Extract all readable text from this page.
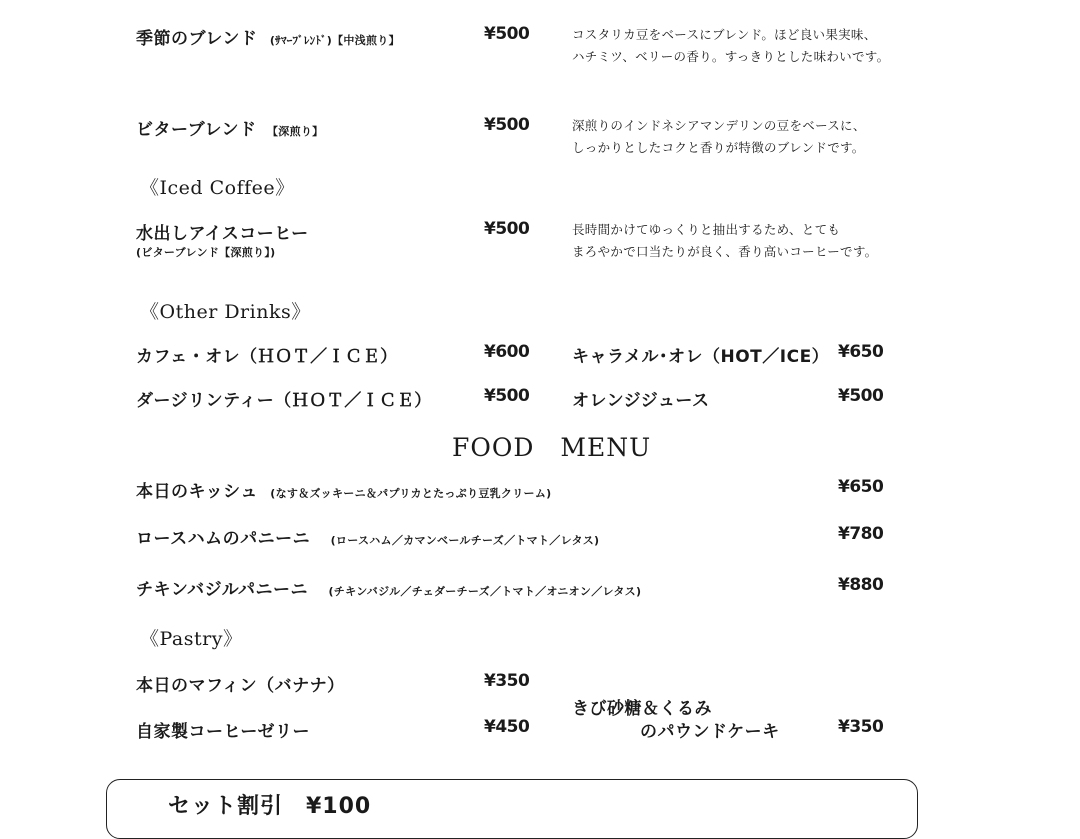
季節のブレンド (ｻﾏｰﾌﾞﾚﾝﾄﾞ)【中浅煎り】	¥500	コスタリカ豆をベースにブレンド。ほど良い果実味、
ハチミツ、ベリーの香り。すっきりとした味わいです。
ビターブレンド 【深煎り】	¥500	深煎りのインドネシアマンデリンの豆をベースに、
しっかりとしたコクと香りが特徴のブレンドです。
《Iced Coffee》
水出しアイスコーヒー
(ビターブレンド【深煎り】)
¥500	長時間かけてゆっくりと抽出するため、とても
まろやかで口当たりが良く、香り高いコーヒーです。
《Other Drinks》
カフェ・オレ（ＨＯＴ／ＩＣＥ）	¥600	キャラメル･オレ（HOT／ICE） ¥650
ダージリンティー（ＨＯＴ／ＩＣＥ）	¥500	オレンジジュース	¥500
FOOD　MENU
本日のキッシュ (なす＆ズッキーニ＆パプリカとたっぷり豆乳クリーム)	¥650
ロースハムのパニーニ (ロースハム／カマンベールチーズ／トマト／レタス)	¥780
チキンバジルパニーニ (チキンバジル／チェダーチーズ／トマト／オニオン／レタス)	¥880
《Pastry》
本日のマフィン（バナナ）	¥350
自家製コーヒーゼリー	¥450
きび砂糖＆くるみ
のパウンドケーキ	¥350
セット割引　¥100
